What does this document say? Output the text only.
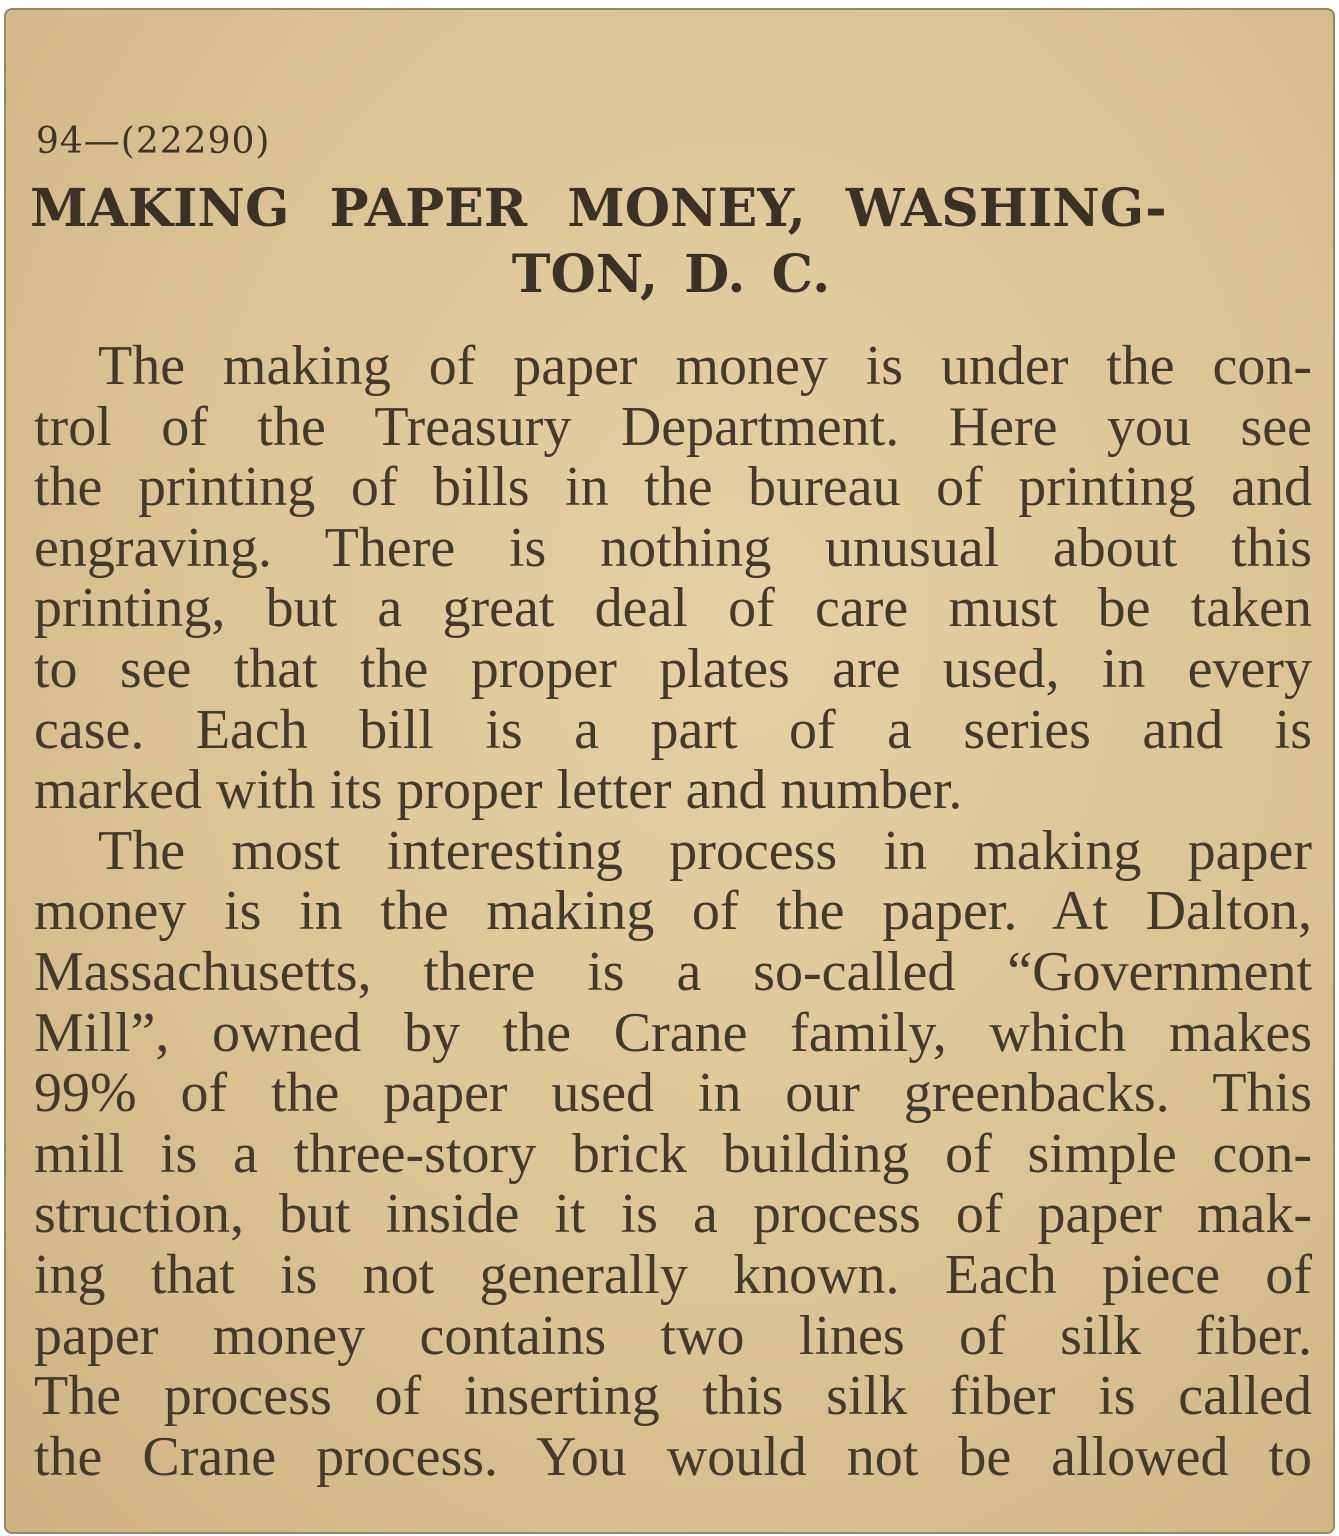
94—(22290)
MAKING PAPER MONEY, WASHING-
TON, D. C.
The making of paper money is under the con-
trol of the Treasury Department. Here you see
the printing of bills in the bureau of printing and
engraving. There is nothing unusual about this
printing, but a great deal of care must be taken
to see that the proper plates are used, in every
case. Each bill is a part of a series and is
marked with its proper letter and number.
The most interesting process in making paper
money is in the making of the paper. At Dalton,
Massachusetts, there is a so-called “Government
Mill”, owned by the Crane family, which makes
99% of the paper used in our greenbacks. This
mill is a three-story brick building of simple con-
struction, but inside it is a process of paper mak-
ing that is not generally known. Each piece of
paper money contains two lines of silk fiber.
The process of inserting this silk fiber is called
the Crane process. You would not be allowed to
